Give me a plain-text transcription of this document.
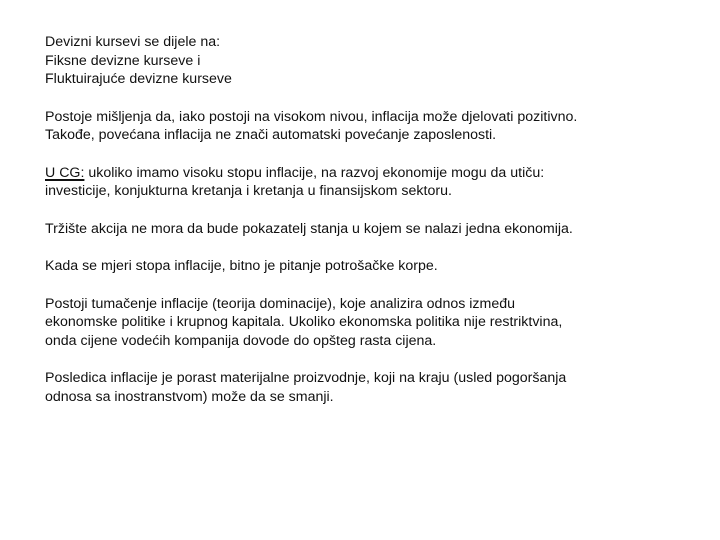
Devizni kursevi se dijele na:
Fiksne devizne kurseve i
Fluktuirajuće devizne kurseve

Postoje mišljenja da, iako postoji na visokom nivou, inflacija može djelovati pozitivno.
Takođe, povećana inflacija ne znači automatski povećanje zaposlenosti.

U CG: ukoliko imamo visoku stopu inflacije, na razvoj ekonomije mogu da utiču:
investicije, konjukturna kretanja i kretanja u finansijskom sektoru.

Tržište akcija ne mora da bude pokazatelj stanja u kojem se nalazi jedna ekonomija.

Kada se mjeri stopa inflacije, bitno je pitanje potrošačke korpe.

Postoji tumačenje inflacije (teorija dominacije), koje analizira odnos između
ekonomske politike i krupnog kapitala. Ukoliko ekonomska politika nije restriktvina,
onda cijene vodećih kompanija dovode do opšteg rasta cijena.

Posledica inflacije je porast materijalne proizvodnje, koji na kraju (usled pogoršanja
odnosa sa inostranstvom) može da se smanji.
